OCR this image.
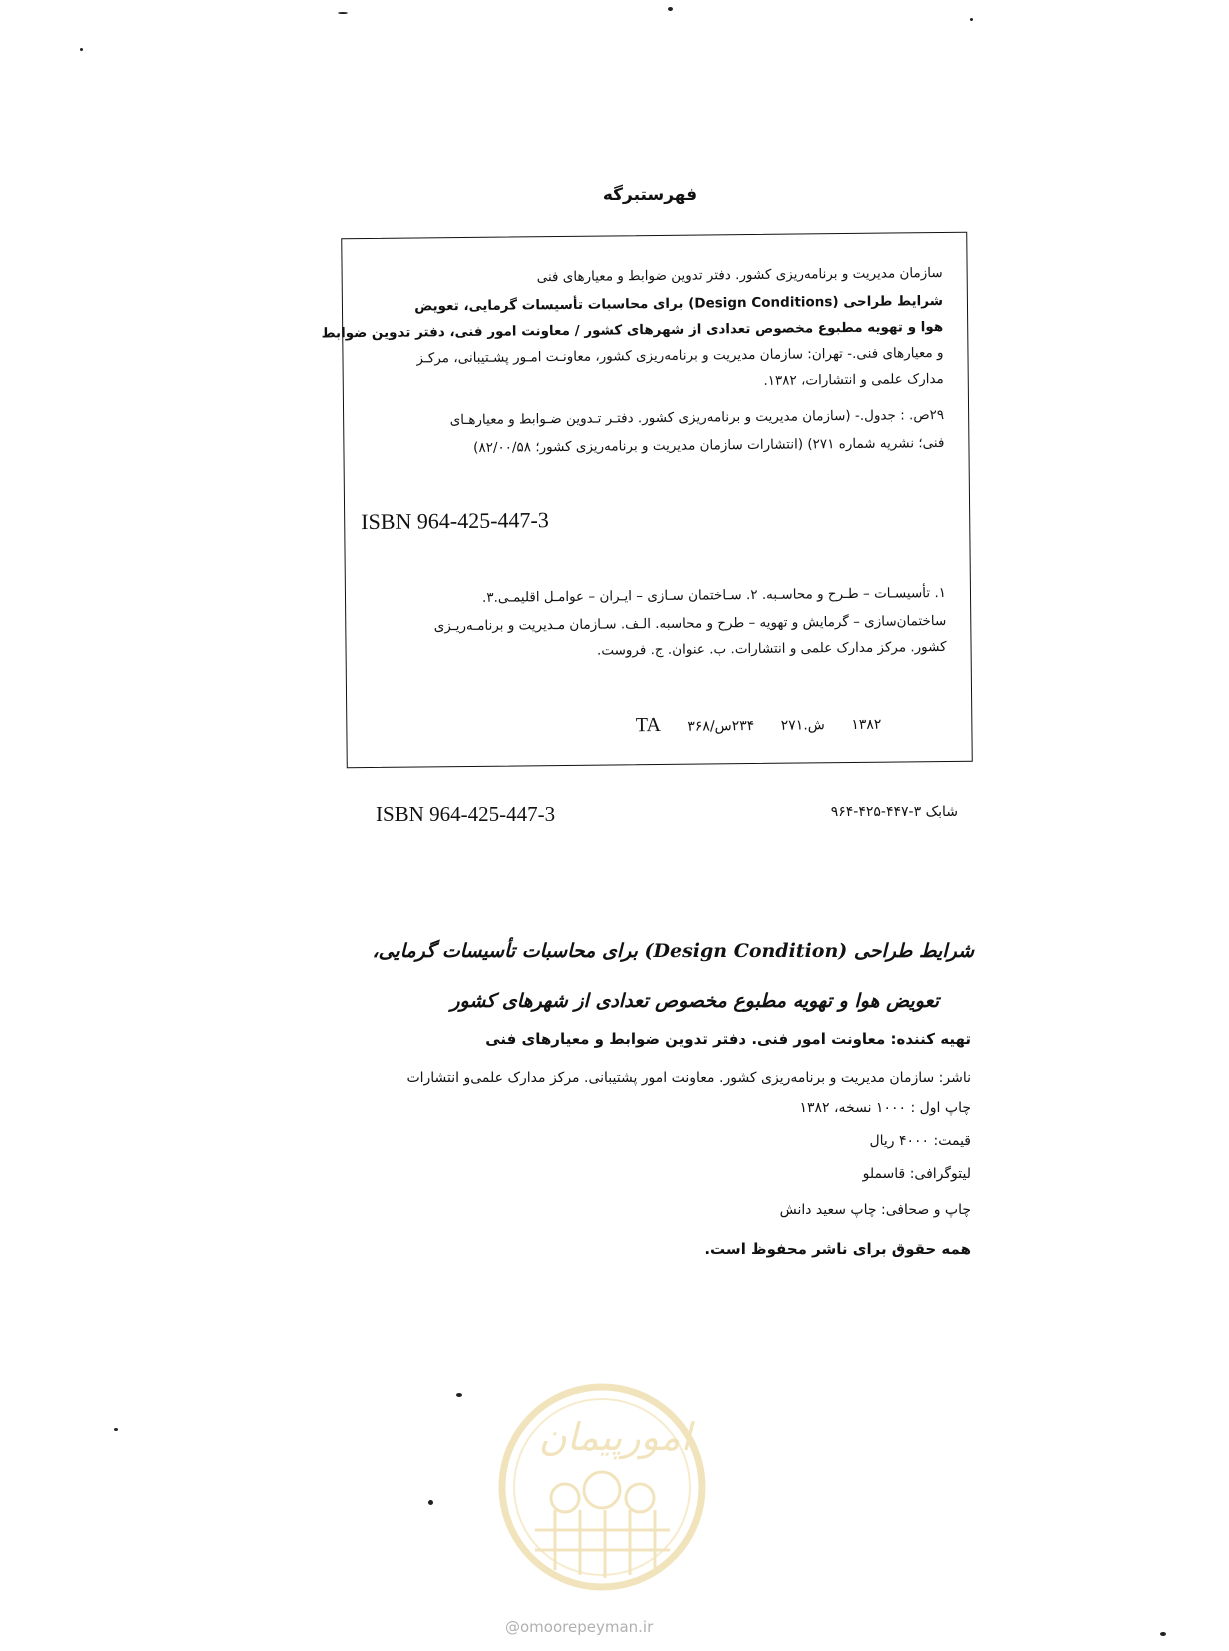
فهرستبرگه
سازمان مدیریت و برنامه‌ریزی کشور. دفتر تدوین ضوابط و معیارهای فنی
شرایط طراحی (Design Conditions) برای محاسبات تأسیسات گرمایی، تعویض
هوا و تهویه مطبوع مخصوص تعدادی از شهرهای کشور / معاونت امور فنی، دفتر تدوین ضوابط
و معیارهای فنی.- تهران: سازمان مدیریت و برنامه‌ریزی کشور، معاونـت امـور پشـتیبانی، مرکـز
مدارک علمی و انتشارات، ۱۳۸۲.
۲۹ص. : جدول.- (سازمان مدیریت و برنامه‌ریزی کشور. دفتـر تـدوین ضـوابط و معیارهـای
فنی؛ نشریه شماره ۲۷۱) (انتشارات سازمان مدیریت و برنامه‌ریزی کشور؛ ۸۲/۰۰/۵۸)
ISBN 964-425-447-3
۱. تأسیسـات – طـرح و محاسـبه. ۲. سـاختمان سـازی – ایـران – عوامـل اقلیمـی.۳.
ساختمان‌سازی – گرمایش و تهویه – طرح و محاسبه. الـف. سـازمان مـدیریت و برنامـه‌ریـزی
کشور. مرکز مدارک علمی و انتشارات. ب. عنوان. ج. فروست.
۱۳۸۲ ش.۲۷۱ ۲۳۴س/۳۶۸ TA
ISBN 964-425-447-3	شابک ۳-۴۴۷-۴۲۵-۹۶۴
شرایط طراحی (Design Condition) برای محاسبات تأسیسات گرمایی،
تعویض هوا و تهویه مطبوع مخصوص تعدادی از شهرهای کشور
تهیه کننده: معاونت امور فنی. دفتر تدوین ضوابط و معیارهای فنی
ناشر: سازمان مدیریت و برنامه‌ریزی کشور. معاونت امور پشتیبانی. مرکز مدارک علمی‌و انتشارات
چاپ اول : ۱۰۰۰ نسخه، ۱۳۸۲
قیمت: ۴۰۰۰ ریال
لیتوگرافی: قاسملو
چاپ و صحافی: چاپ سعید دانش
همه حقوق برای ناشر محفوظ است.
امورپیمان
@omoorepeyman.ir
